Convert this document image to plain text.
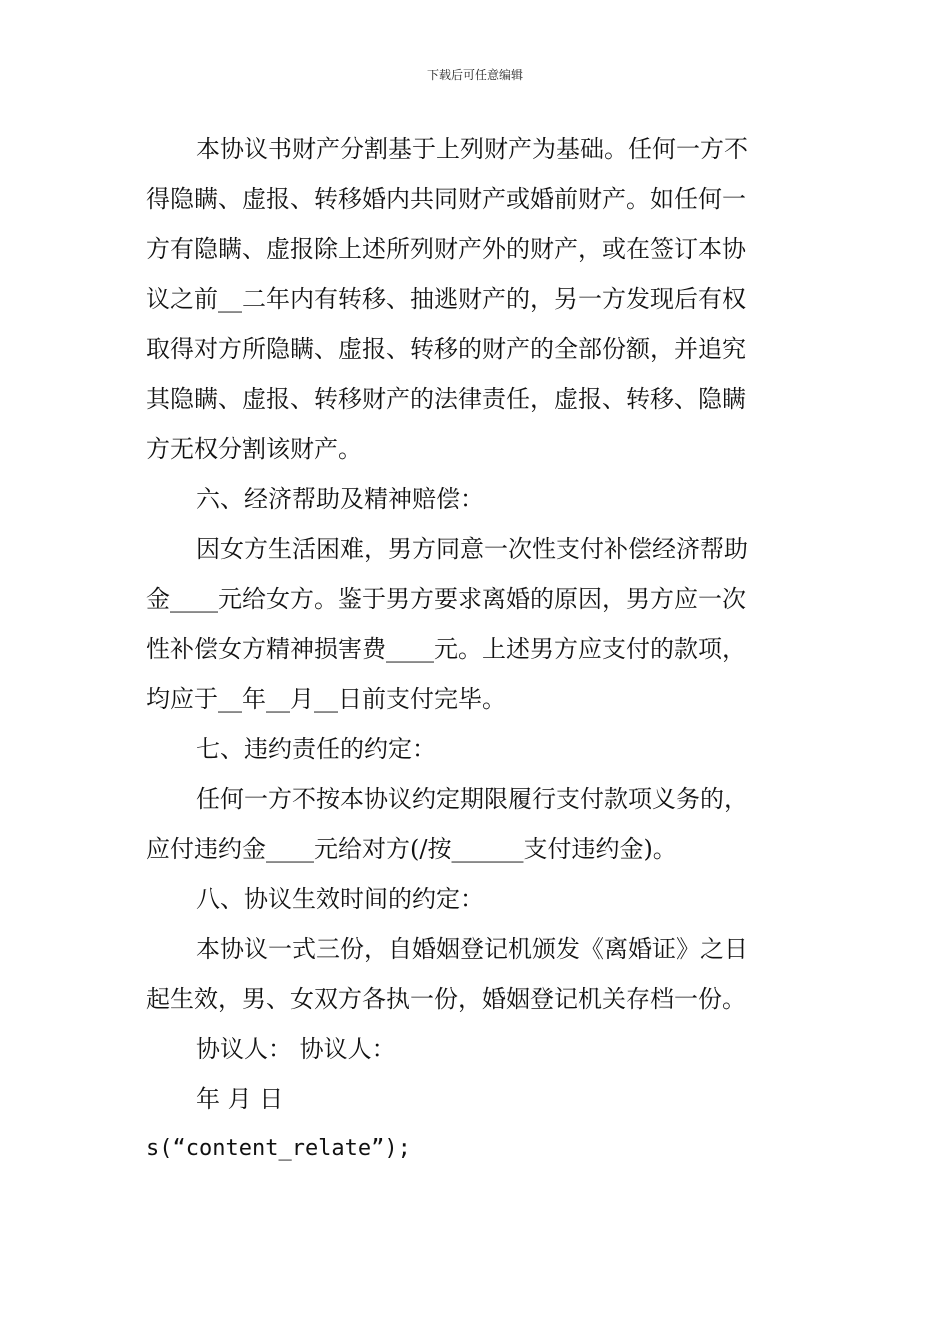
下载后可任意编辑
本协议书财产分割基于上列财产为基础。任何一方不
得隐瞒、虚报、转移婚内共同财产或婚前财产。如任何一
方有隐瞒、虚报除上述所列财产外的财产，或在签订本协
议之前__二年内有转移、抽逃财产的，另一方发现后有权
取得对方所隐瞒、虚报、转移的财产的全部份额，并追究
其隐瞒、虚报、转移财产的法律责任，虚报、转移、隐瞒
方无权分割该财产。
六、经济帮助及精神赔偿：
因女方生活困难，男方同意一次性支付补偿经济帮助
金____元给女方。鉴于男方要求离婚的原因，男方应一次
性补偿女方精神损害费____元。上述男方应支付的款项，
均应于__年__月__日前支付完毕。
七、违约责任的约定：
任何一方不按本协议约定期限履行支付款项义务的，
应付违约金____元给对方(/按______支付违约金)。
八、协议生效时间的约定：
本协议一式三份，自婚姻登记机颁发《离婚证》之日
起生效，男、女双方各执一份，婚姻登记机关存档一份。
协议人： 协议人：
年 月 日
s(“content_relate”);
